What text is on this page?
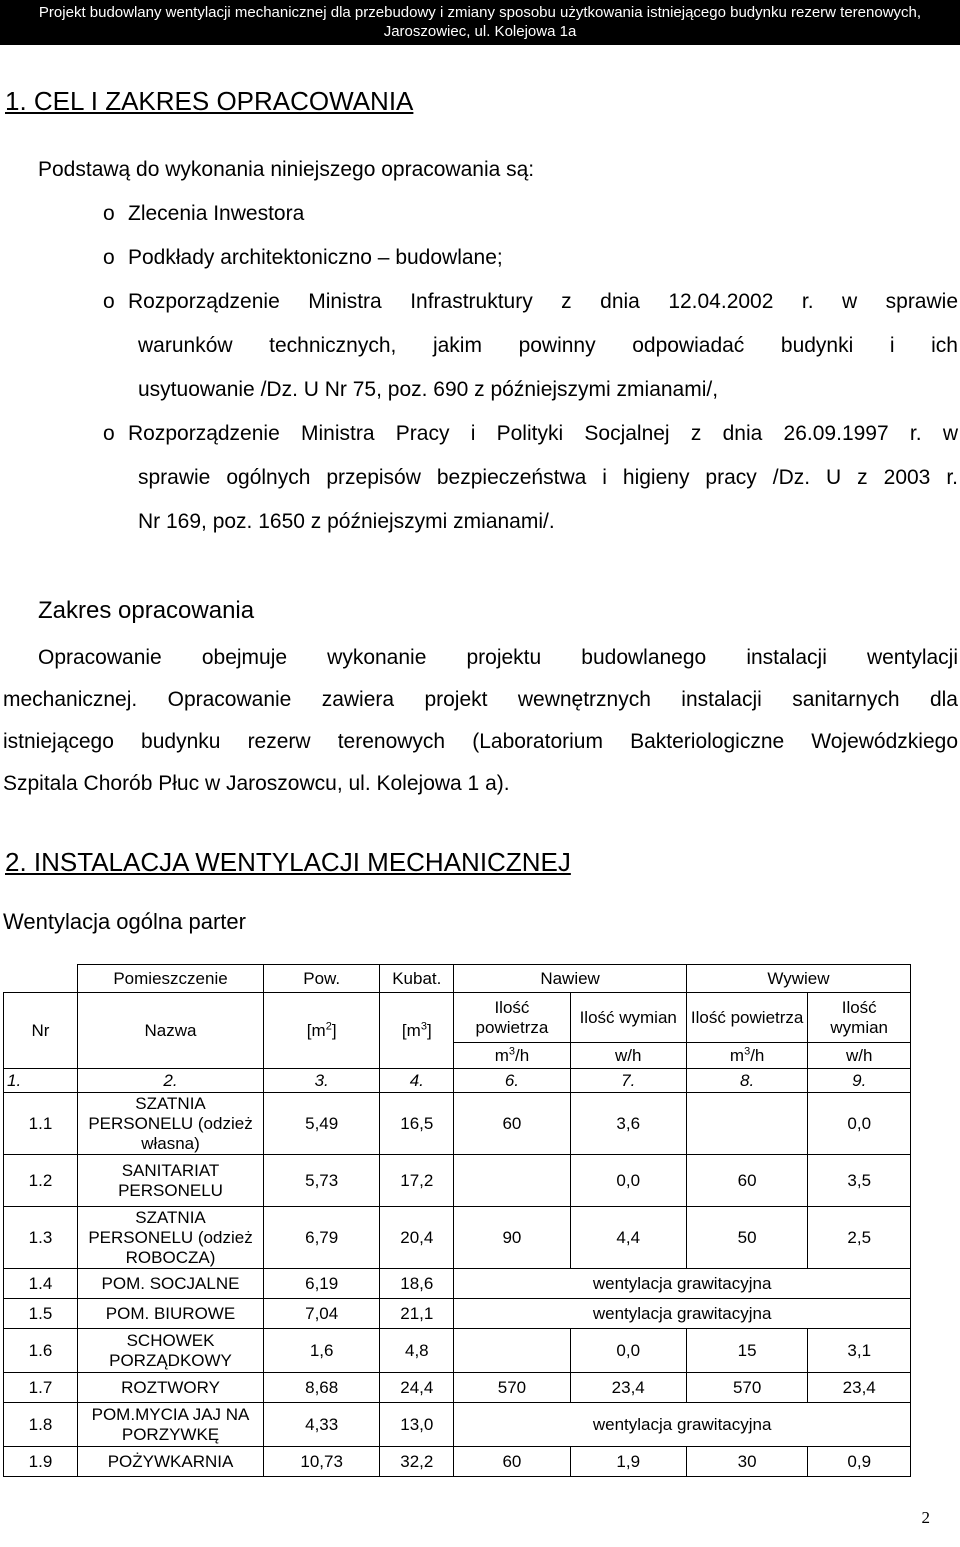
Projekt budowlany wentylacji mechanicznej dla przebudowy i zmiany sposobu użytkowania istniejącego budynku rezerw terenowych,
Jaroszowiec, ul. Kolejowa 1a
1. CEL I ZAKRES OPRACOWANIA
Podstawą do wykonania niniejszego opracowania są:
o Zlecenia Inwestora
o Podkłady architektoniczno – budowlane;
o Rozporządzenie Ministra Infrastruktury z dnia 12.04.2002 r. w sprawie
warunków technicznych, jakim powinny odpowiadać budynki i ich
usytuowanie /Dz. U Nr 75, poz. 690 z późniejszymi zmianami/,
o Rozporządzenie Ministra Pracy i Polityki Socjalnej z dnia 26.09.1997 r. w
sprawie ogólnych przepisów bezpieczeństwa i higieny pracy /Dz. U z 2003 r.
Nr 169, poz. 1650 z późniejszymi zmianami/.
Zakres opracowania
Opracowanie obejmuje wykonanie projektu budowlanego instalacji wentylacji
mechanicznej. Opracowanie zawiera projekt wewnętrznych instalacji sanitarnych dla
istniejącego budynku rezerw terenowych (Laboratorium Bakteriologiczne Wojewódzkiego
Szpitala Chorób Płuc w Jaroszowcu, ul. Kolejowa 1 a).
2. INSTALACJA WENTYLACJI MECHANICZNEJ
Wentylacja ogólna parter
	Pomieszczenie	Pow.	Kubat.	Nawiew		Wywiew	
Nr	Nazwa	$[m^2]$	$[m^3]$	Ilość powietrza	Ilość wymian	Ilość powietrza	Ilość wymian
				$m^3/h$	w/h	$m^3/h$	w/h
1.	2.	3.	4.	6.	7.	8.	9.
1.1	SZATNIA PERSONELU (odzież własna)	5,49	16,5	60	3,6		0,0
1.2	SANITARIAT PERSONELU	5,73	17,2		0,0	60	3,5
1.3	SZATNIA PERSONELU (odzież ROBOCZA)	6,79	20,4	90	4,4	50	2,5
1.4	POM. SOCJALNE	6,19	18,6	wentylacja grawitacyjna			
1.5	POM. BIUROWE	7,04	21,1	wentylacja grawitacyjna			
1.6	SCHOWEK PORZĄDKOWY	1,6	4,8		0,0	15	3,1
1.7	ROZTWORY	8,68	24,4	570	23,4	570	23,4
1.8	POM.MYCIA JAJ NA PORZYWKĘ	4,33	13,0	wentylacja grawitacyjna			
1.9	POŻYWKARNIA	10,73	32,2	60	1,9	30	0,9
2
